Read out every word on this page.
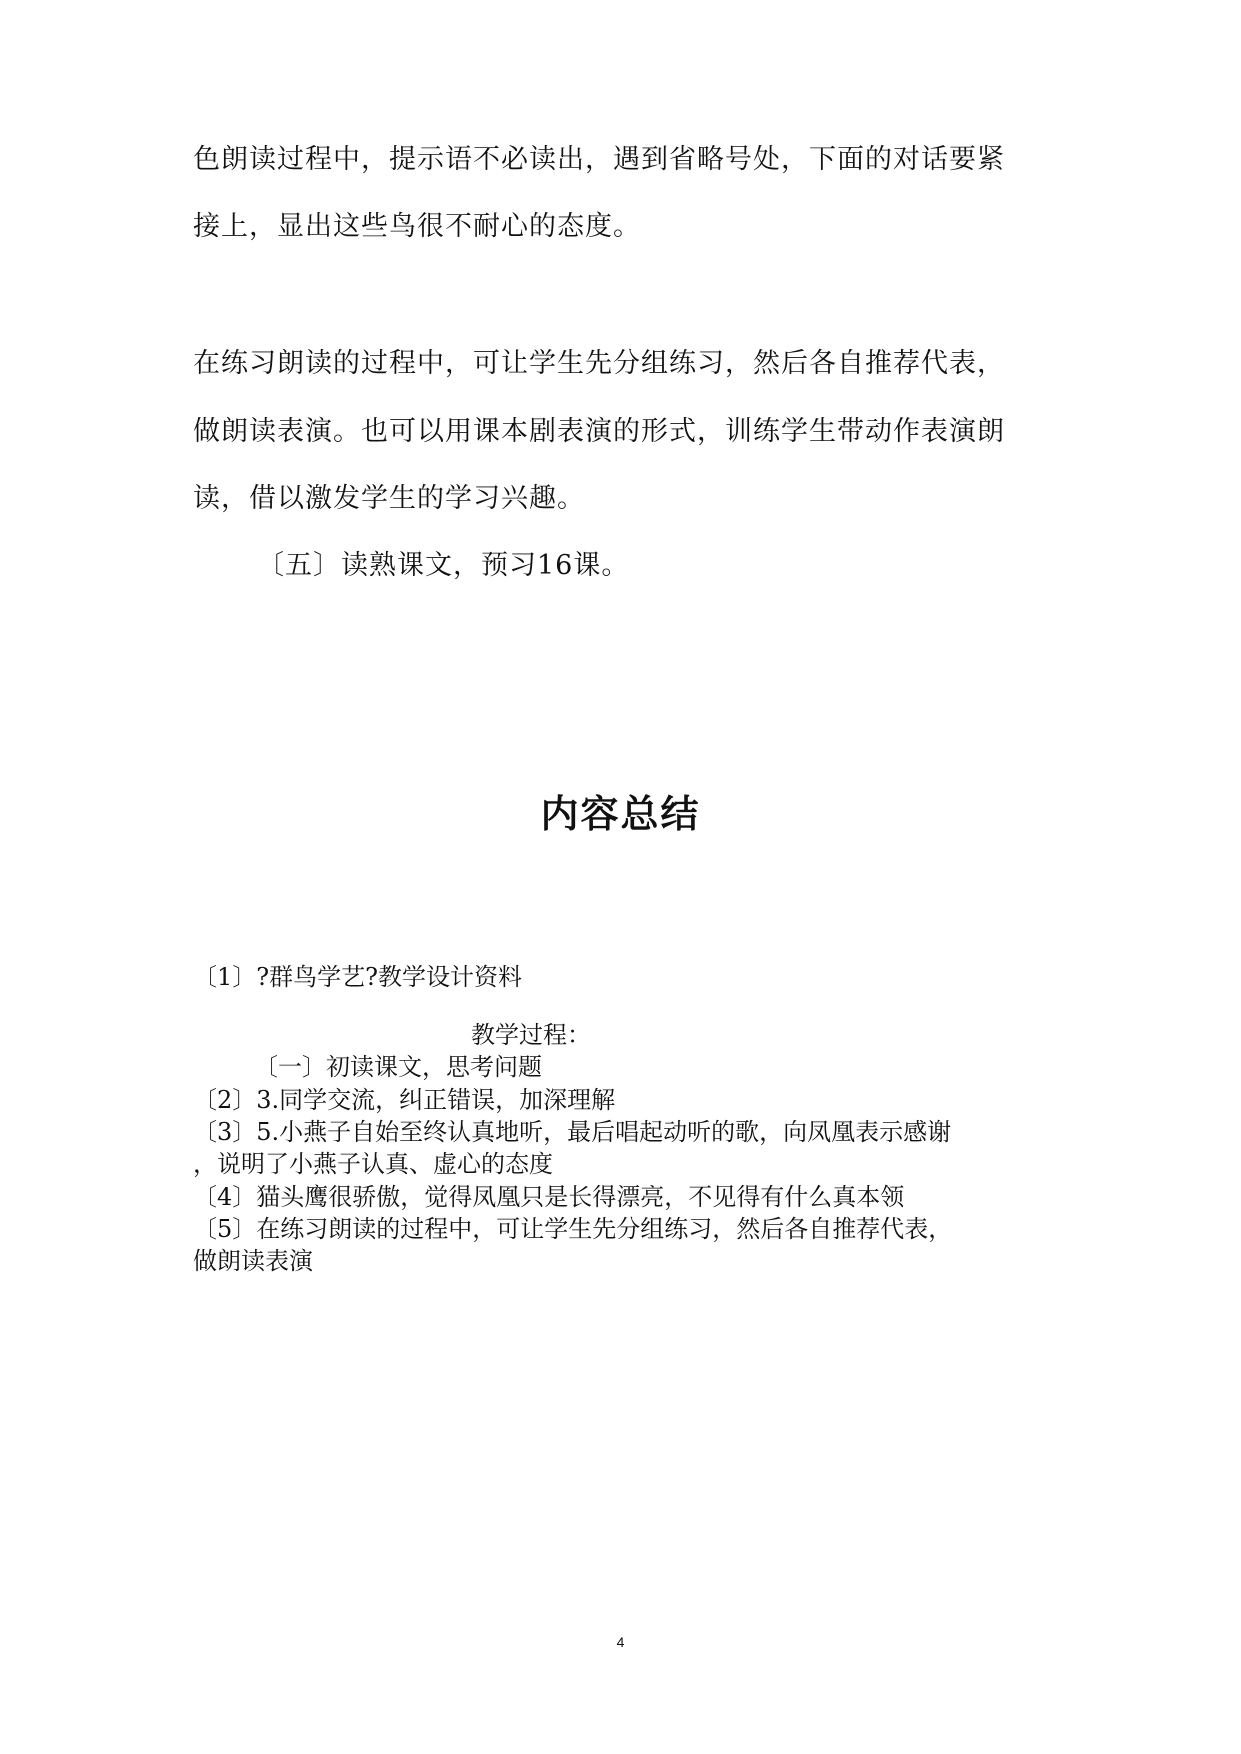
色朗读过程中，提示语不必读出，遇到省略号处，下面的对话要紧
接上，显出这些鸟很不耐心的态度。
在练习朗读的过程中，可让学生先分组练习，然后各自推荐代表，
做朗读表演。也可以用课本剧表演的形式，训练学生带动作表演朗
读，借以激发学生的学习兴趣。
〔五〕读熟课文，预习16课。
内容总结
〔1〕?群鸟学艺?教学设计资料
教学过程：
〔一〕初读课文，思考问题
〔2〕3.同学交流，纠正错误，加深理解
〔3〕5.小燕子自始至终认真地听，最后唱起动听的歌，向凤凰表示感谢
，说明了小燕子认真、虚心的态度
〔4〕猫头鹰很骄傲，觉得凤凰只是长得漂亮，不见得有什么真本领
〔5〕在练习朗读的过程中，可让学生先分组练习，然后各自推荐代表，
做朗读表演
4
